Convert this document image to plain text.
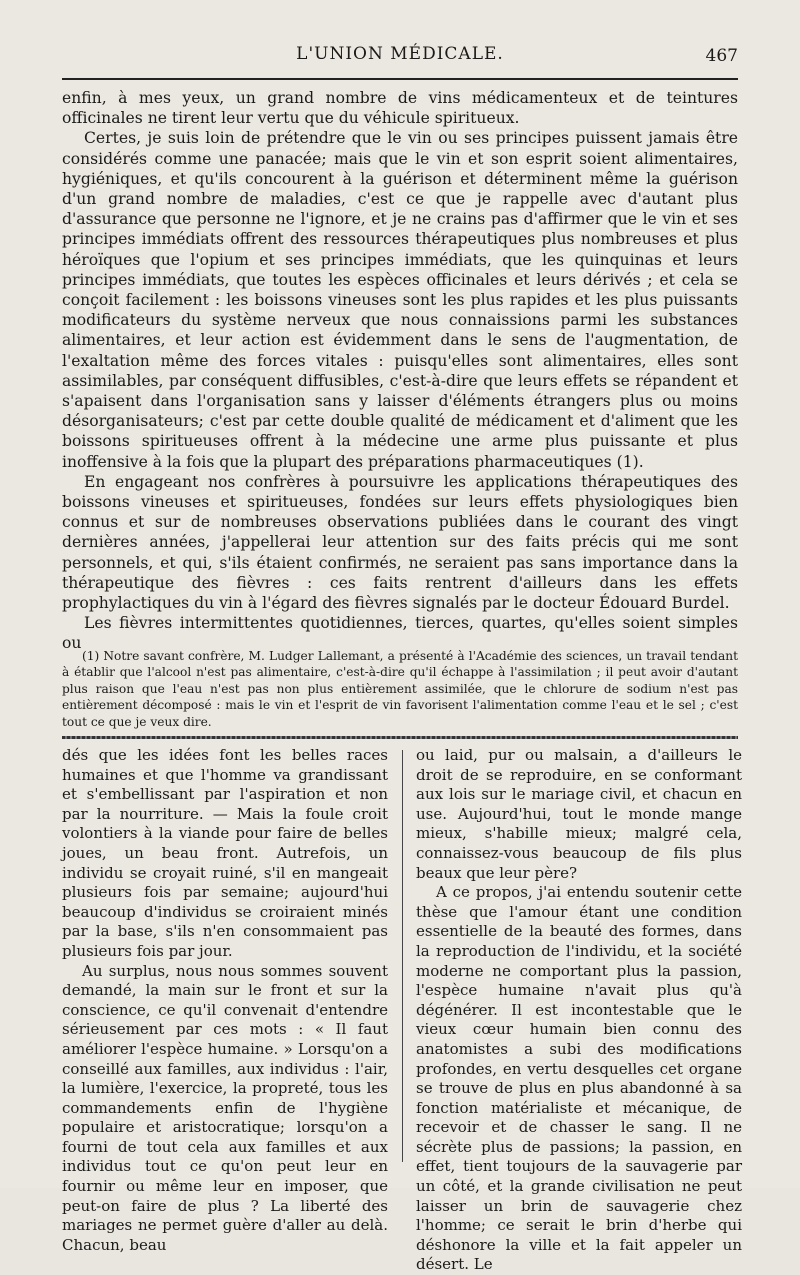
L'UNION MÉDICALE.	467

enfin, à mes yeux, un grand nombre de vins médicamenteux et de teintures officinales ne tirent leur vertu que du véhicule spiritueux.

Certes, je suis loin de prétendre que le vin ou ses principes puissent jamais être considérés comme une panacée; mais que le vin et son esprit soient alimentaires, hygiéniques, et qu'ils concourent à la guérison et déterminent même la guérison d'un grand nombre de maladies, c'est ce que je rappelle avec d'autant plus d'assurance que personne ne l'ignore, et je ne crains pas d'affirmer que le vin et ses principes immédiats offrent des ressources thérapeutiques plus nombreuses et plus héroïques que l'opium et ses principes immédiats, que les quinquinas et leurs principes immédiats, que toutes les espèces officinales et leurs dérivés ; et cela se conçoit facilement : les boissons vineuses sont les plus rapides et les plus puissants modificateurs du système nerveux que nous connaissions parmi les substances alimentaires, et leur action est évidemment dans le sens de l'augmentation, de l'exaltation même des forces vitales : puisqu'elles sont alimentaires, elles sont assimilables, par conséquent diffusibles, c'est-à-dire que leurs effets se répandent et s'apaisent dans l'organisation sans y laisser d'éléments étrangers plus ou moins désorganisateurs; c'est par cette double qualité de médicament et d'aliment que les boissons spiritueuses offrent à la médecine une arme plus puissante et plus inoffensive à la fois que la plupart des préparations pharmaceutiques (1).

En engageant nos confrères à poursuivre les applications thérapeutiques des boissons vineuses et spiritueuses, fondées sur leurs effets physiologiques bien connus et sur de nombreuses observations publiées dans le courant des vingt dernières années, j'appellerai leur attention sur des faits précis qui me sont personnels, et qui, s'ils étaient confirmés, ne seraient pas sans importance dans la thérapeutique des fièvres : ces faits rentrent d'ailleurs dans les effets prophylactiques du vin à l'égard des fièvres signalés par le docteur Édouard Burdel.

Les fièvres intermittentes quotidiennes, tierces, quartes, qu'elles soient simples ou

(1) Notre savant confrère, M. Ludger Lallemant, a présenté à l'Académie des sciences, un travail tendant à établir que l'alcool n'est pas alimentaire, c'est-à-dire qu'il échappe à l'assimilation ; il peut avoir d'autant plus raison que l'eau n'est pas non plus entièrement assimilée, que le chlorure de sodium n'est pas entièrement décomposé : mais le vin et l'esprit de vin favorisent l'alimentation comme l'eau et le sel ; c'est tout ce que je veux dire.

dés que les idées font les belles races humaines et que l'homme va grandissant et s'embellissant par l'aspiration et non par la nourriture. — Mais la foule croit volontiers à la viande pour faire de belles joues, un beau front. Autrefois, un individu se croyait ruiné, s'il en mangeait plusieurs fois par semaine; aujourd'hui beaucoup d'individus se croiraient minés par la base, s'ils n'en consommaient pas plusieurs fois par jour.

Au surplus, nous nous sommes souvent demandé, la main sur le front et sur la conscience, ce qu'il convenait d'entendre sérieusement par ces mots : « Il faut améliorer l'espèce humaine. » Lorsqu'on a conseillé aux familles, aux individus : l'air, la lumière, l'exercice, la propreté, tous les commandements enfin de l'hygiène populaire et aristocratique; lorsqu'on a fourni de tout cela aux familles et aux individus tout ce qu'on peut leur en fournir ou même leur en imposer, que peut-on faire de plus ? La liberté des mariages ne permet guère d'aller au delà. Chacun, beau

ou laid, pur ou malsain, a d'ailleurs le droit de se reproduire, en se conformant aux lois sur le mariage civil, et chacun en use. Aujourd'hui, tout le monde mange mieux, s'habille mieux; malgré cela, connaissez-vous beaucoup de fils plus beaux que leur père?

A ce propos, j'ai entendu soutenir cette thèse que l'amour étant une condition essentielle de la beauté des formes, dans la reproduction de l'individu, et la société moderne ne comportant plus la passion, l'espèce humaine n'avait plus qu'à dégénérer. Il est incontestable que le vieux cœur humain bien connu des anatomistes a subi des modifications profondes, en vertu desquelles cet organe se trouve de plus en plus abandonné à sa fonction matérialiste et mécanique, de recevoir et de chasser le sang. Il ne sécrète plus de passions; la passion, en effet, tient toujours de la sauvagerie par un côté, et la grande civilisation ne peut laisser un brin de sauvagerie chez l'homme; ce serait le brin d'herbe qui déshonore la ville et la fait appeler un désert. Le
